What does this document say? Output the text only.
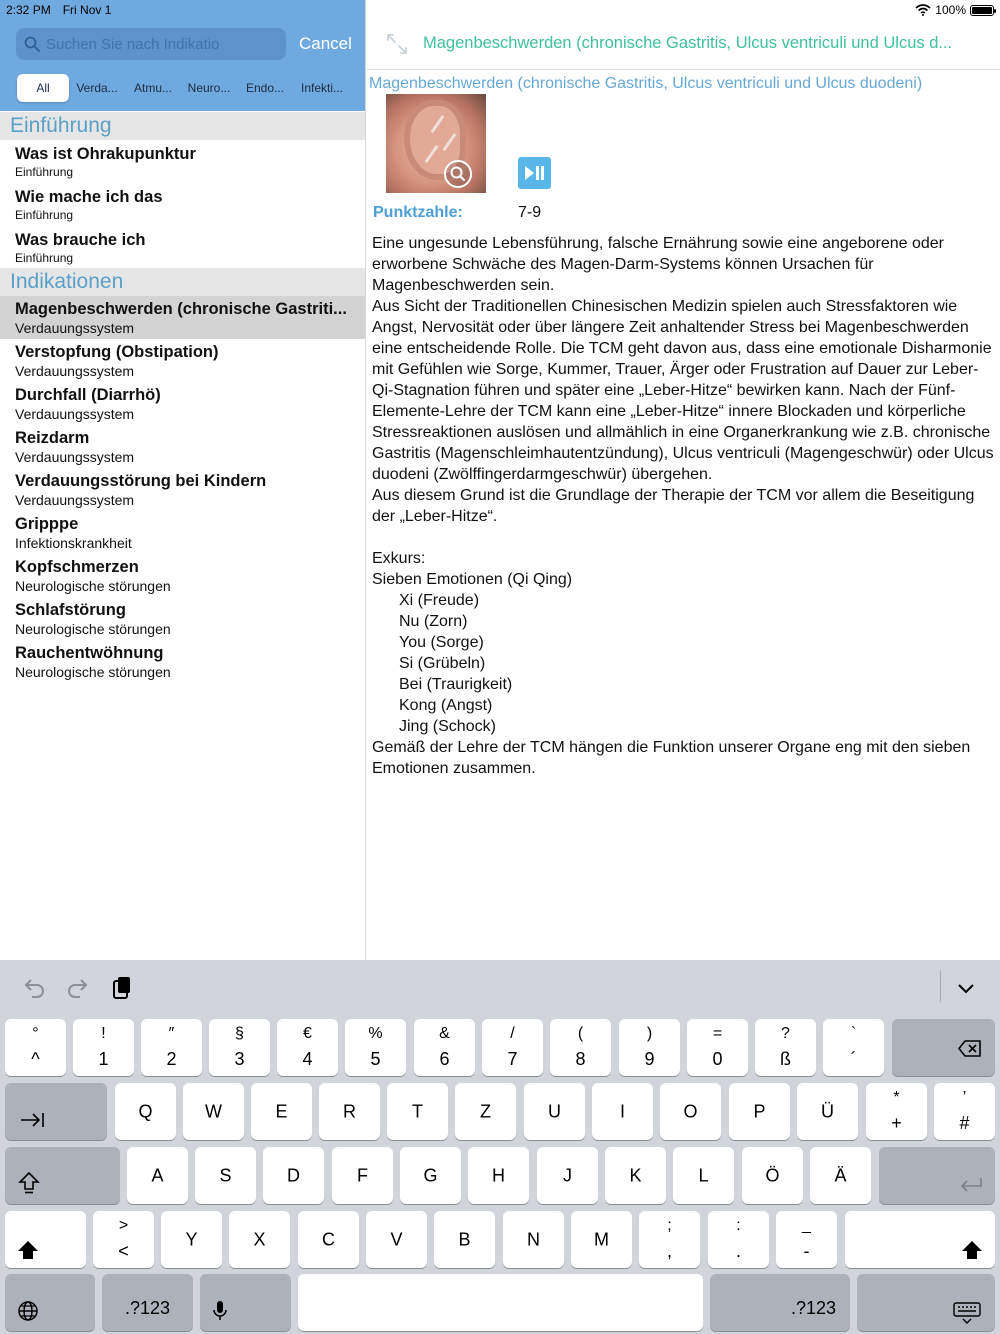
2:32 PM Fri Nov 1
Suchen Sie nach Indikatio
Cancel
All	Verda...	Atmu...	Neuro...	Endo...	Infekti...
Einführung
Was ist Ohrakupunktur
Einführung
Wie mache ich das
Einführung
Was brauche ich
Einführung
Indikationen
Magenbeschwerden (chronische Gastriti...
Verdauungssystem
Verstopfung (Obstipation)
Verdauungssystem
Durchfall (Diarrhö)
Verdauungssystem
Reizdarm
Verdauungssystem
Verdauungsstörung bei Kindern
Verdauungssystem
Gripppe
Infektionskrankheit
Kopfschmerzen
Neurologische störungen
Schlafstörung
Neurologische störungen
Rauchentwöhnung
Neurologische störungen
100%
Magenbeschwerden (chronische Gastritis, Ulcus ventriculi und Ulcus d...
Magenbeschwerden (chronische Gastritis, Ulcus ventriculi und Ulcus duodeni)
Punktzahle:	7-9

Eine ungesunde Lebensführung, falsche Ernährung sowie eine angeborene oder erworbene Schwäche des Magen-Darm-Systems können Ursachen für Magenbeschwerden sein.

Aus Sicht der Traditionellen Chinesischen Medizin spielen auch Stressfaktoren wie Angst, Nervosität oder über längere Zeit anhaltender Stress bei Magenbeschwerden eine entscheidende Rolle. Die TCM geht davon aus, dass eine emotionale Disharmonie mit Gefühlen wie Sorge, Kummer, Trauer, Ärger oder Frustration auf Dauer zur Leber-Qi-Stagnation führen und später eine „Leber-Hitze“ bewirken kann. Nach der Fünf-Elemente-Lehre der TCM kann eine „Leber-Hitze“ innere Blockaden und körperliche Stressreaktionen auslösen und allmählich in eine Organerkrankung wie z.B. chronische Gastritis (Magenschleimhautentzündung), Ulcus ventriculi (Magengeschwür) oder Ulcus duodeni (Zwölffingerdarmgeschwür) übergehen.

Aus diesem Grund ist die Grundlage der Therapie der TCM vor allem die Beseitigung der „Leber-Hitze“.

Exkurs:

Sieben Emotionen (Qi Qing)

Xi (Freude)

Nu (Zorn)

You (Sorge)

Si (Grübeln)

Bei (Traurigkeit)

Kong (Angst)

Jing (Schock)

Gemäß der Lehre der TCM hängen die Funktion unserer Organe eng mit den sieben Emotionen zusammen.

°
^
!
1
″
2
§
3
€
4
%
5
&
6
/
7
(
8
)
9
=
0
?
ß
`
´
Q	W	E	R	T	Z	U	I	O	P	Ü
*
+
’
#
A	S	D	F	G	H	J	K	L	Ö	Ä
>
<
Y	X	C	V	B	N	M
;
,
:
.
_
-
.?123	.?123
